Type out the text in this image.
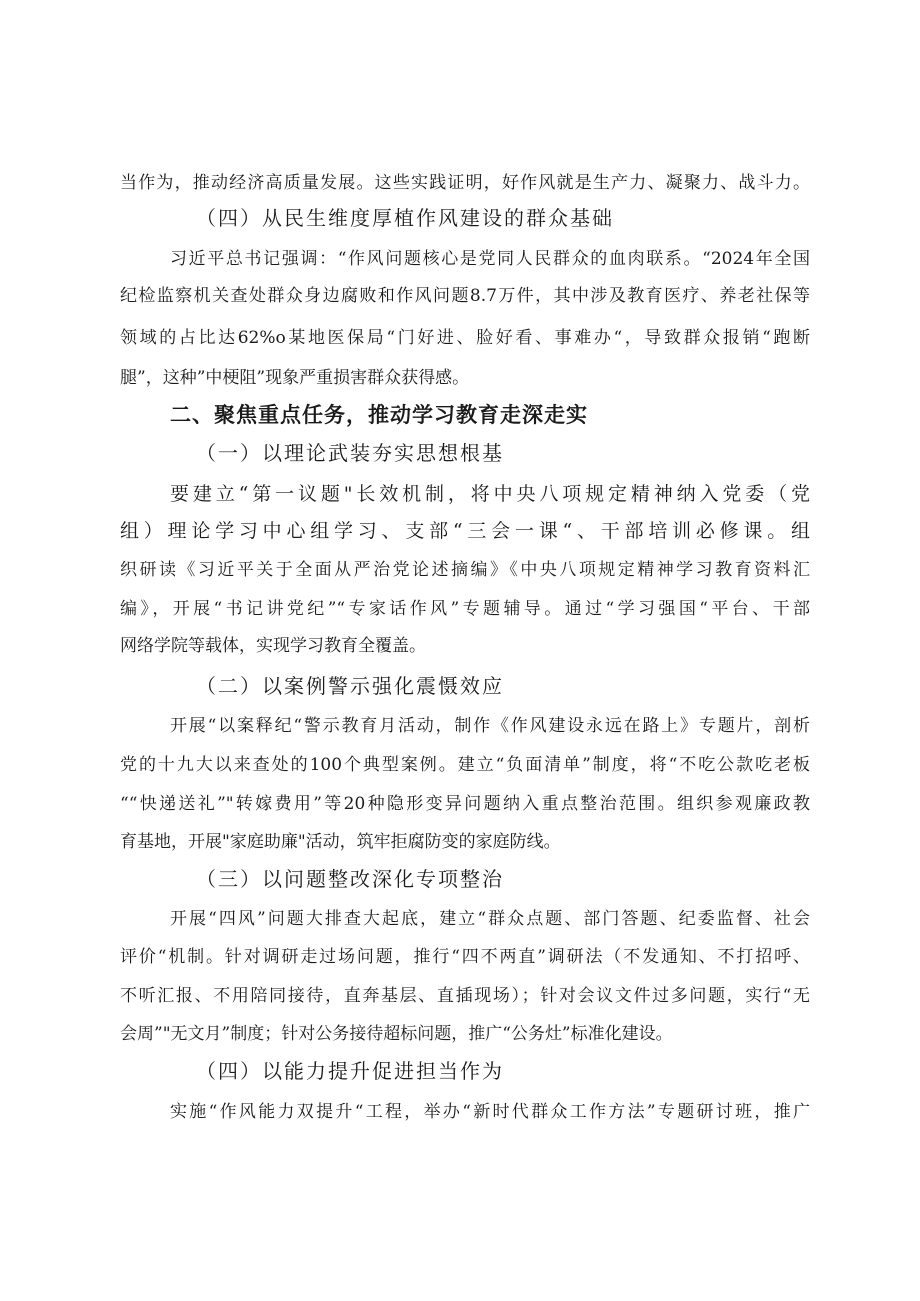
当作为，推动经济高质量发展。这些实践证明，好作风就是生产力、凝聚力、战斗力。
（四）从民生维度厚植作风建设的群众基础
习近平总书记强调：“作风问题核心是党同人民群众的血肉联系。“2024年全国
纪检监察机关查处群众身边腐败和作风问题8.7万件，其中涉及教育医疗、养老社保等
领域的占比达62%o某地医保局“门好进、脸好看、事难办“，导致群众报销“跑断
腿”，这种”中梗阻”现象严重损害群众获得感。
二、聚焦重点任务，推动学习教育走深走实
（一）以理论武装夯实思想根基
要建立“第一议题"长效机制，将中央八项规定精神纳入党委（党
组）理论学习中心组学习、支部“三会一课“、干部培训必修课。组
织研读《习近平关于全面从严治党论述摘编》《中央八项规定精神学习教育资料汇
编》，开展“书记讲党纪”“专家话作风”专题辅导。通过“学习强国“平台、干部
网络学院等载体，实现学习教育全覆盖。
（二）以案例警示强化震慑效应
开展“以案释纪“警示教育月活动，制作《作风建设永远在路上》专题片，剖析
党的十九大以来查处的100个典型案例。建立“负面清单”制度，将“不吃公款吃老板
““快递送礼”"转嫁费用”等20种隐形变异问题纳入重点整治范围。组织参观廉政教
育基地，开展"家庭助廉"活动，筑牢拒腐防变的家庭防线。
（三）以问题整改深化专项整治
开展“四风”问题大排查大起底，建立“群众点题、部门答题、纪委监督、社会
评价“机制。针对调研走过场问题，推行“四不两直”调研法（不发通知、不打招呼、
不听汇报、不用陪同接待，直奔基层、直插现场）；针对会议文件过多问题，实行“无
会周”"无文月”制度；针对公务接待超标问题，推广“公务灶”标准化建设。
（四）以能力提升促进担当作为
实施“作风能力双提升“工程，举办“新时代群众工作方法”专题研讨班，推广
